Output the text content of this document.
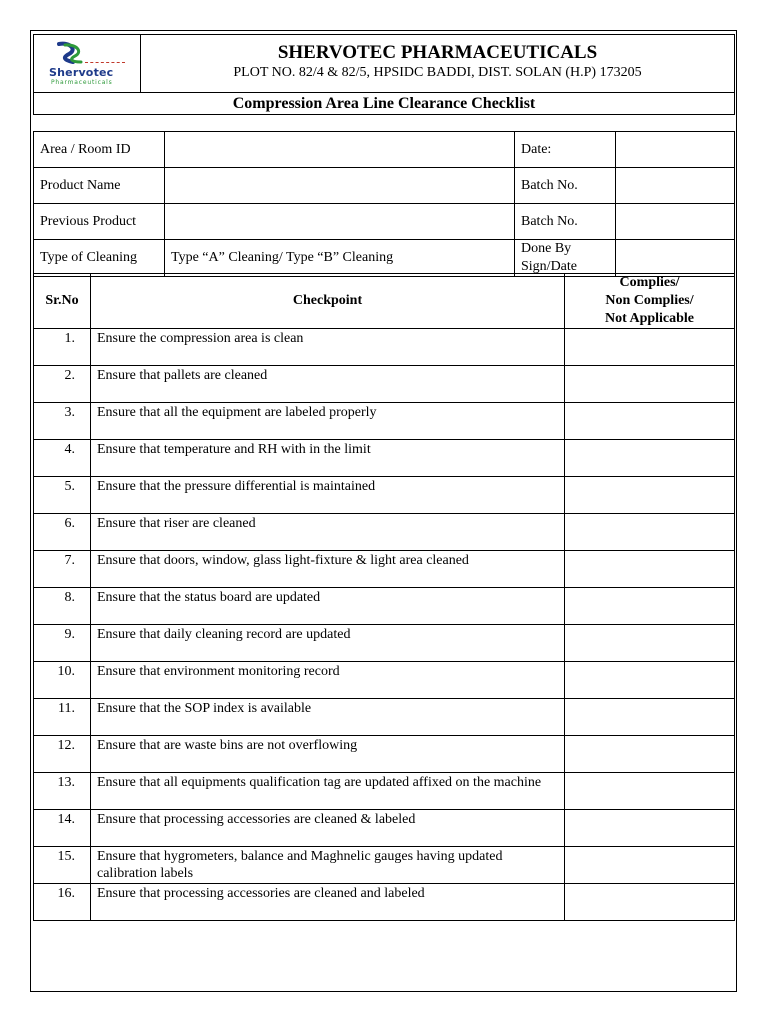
Shervotec
Pharmaceuticals

SHERVOTEC PHARMACEUTICALS
PLOT NO. 82/4 & 82/5, HPSIDC BADDI, DIST. SOLAN (H.P) 173205

Compression Area Line Clearance Checklist
Area / Room ID		Date:	
Product Name		Batch No.	
Previous Product		Batch No.	
Type of Cleaning	Type “A” Cleaning/ Type “B” Cleaning	Done By
Sign/Date	

Sr.No	Checkpoint	Complies/
Non Complies/
Not Applicable

1.	Ensure the compression area is clean	
2.	Ensure that pallets are cleaned	
3.	Ensure that all the equipment are labeled properly	
4.	Ensure that temperature and RH with in the limit	
5.	Ensure that the pressure differential is maintained	
6.	Ensure that riser are cleaned	
7.	Ensure that doors, window, glass light-fixture & light area cleaned	
8.	Ensure that the status board are updated	
9.	Ensure that daily cleaning record are updated	
10.	Ensure that environment monitoring record	
11.	Ensure that the SOP index is available	
12.	Ensure that are waste bins are not overflowing	
13.	Ensure that all equipments qualification tag are updated affixed on the machine	
14.	Ensure that processing accessories are cleaned & labeled	
15.	Ensure that hygrometers, balance and Maghnelic gauges having updated calibration labels	
16.	Ensure that processing accessories are cleaned and labeled	
